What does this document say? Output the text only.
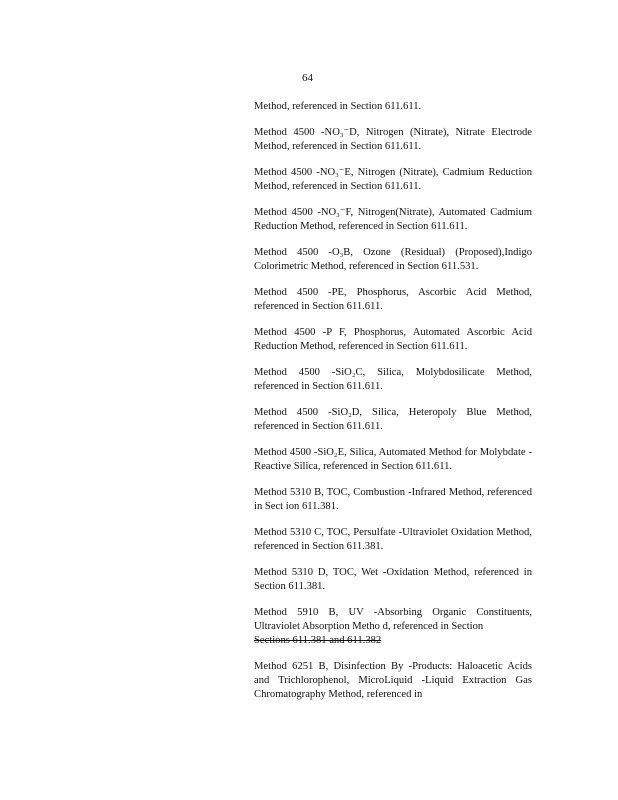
64

Method, referenced in Section 611.611.

Method 4500 -NO₃⁻D, Nitrogen (Nitrate), Nitrate Electrode Method, referenced in Section 611.611.

Method 4500 -NO₃⁻E, Nitrogen (Nitrate), Cadmium Reduction Method, referenced in Section 611.611.

Method 4500 -NO₃⁻F, Nitrogen(Nitrate), Automated Cadmium Reduction Method, referenced in Section 611.611.

Method 4500 -O₃B, Ozone (Residual) (Proposed),Indigo Colorimetric Method, referenced in Section 611.531.

Method 4500 -PE, Phosphorus, Ascorbic Acid Method, referenced in Section 611.611.

Method 4500 -P F, Phosphorus, Automated Ascorbic Acid Reduction Method, referenced in Section 611.611.

Method 4500 -SiO₂C, Silica, Molybdosilicate Method, referenced in Section 611.611.

Method 4500 -SiO₂D, Silica, Heteropoly Blue Method, referenced in Section 611.611.

Method 4500 -SiO₂E, Silica, Automated Method for Molybdate -Reactive Silica, referenced in Section 611.611.

Method 5310 B, TOC, Combustion -Infrared Method, referenced in Sect ion 611.381.

Method 5310 C, TOC, Persulfate -Ultraviolet Oxidation Method, referenced in Section 611.381.

Method 5310 D, TOC, Wet -Oxidation Method, referenced in Section 611.381.

Method 5910 B, UV -Absorbing Organic Constituents, Ultraviolet Absorption Metho d, referenced in Section
Sections 611.381 and 611.382

Method 6251 B, Disinfection By -Products: Haloacetic Acids and Trichlorophenol, MicroLiquid -Liquid Extraction Gas Chromatography Method, referenced in
